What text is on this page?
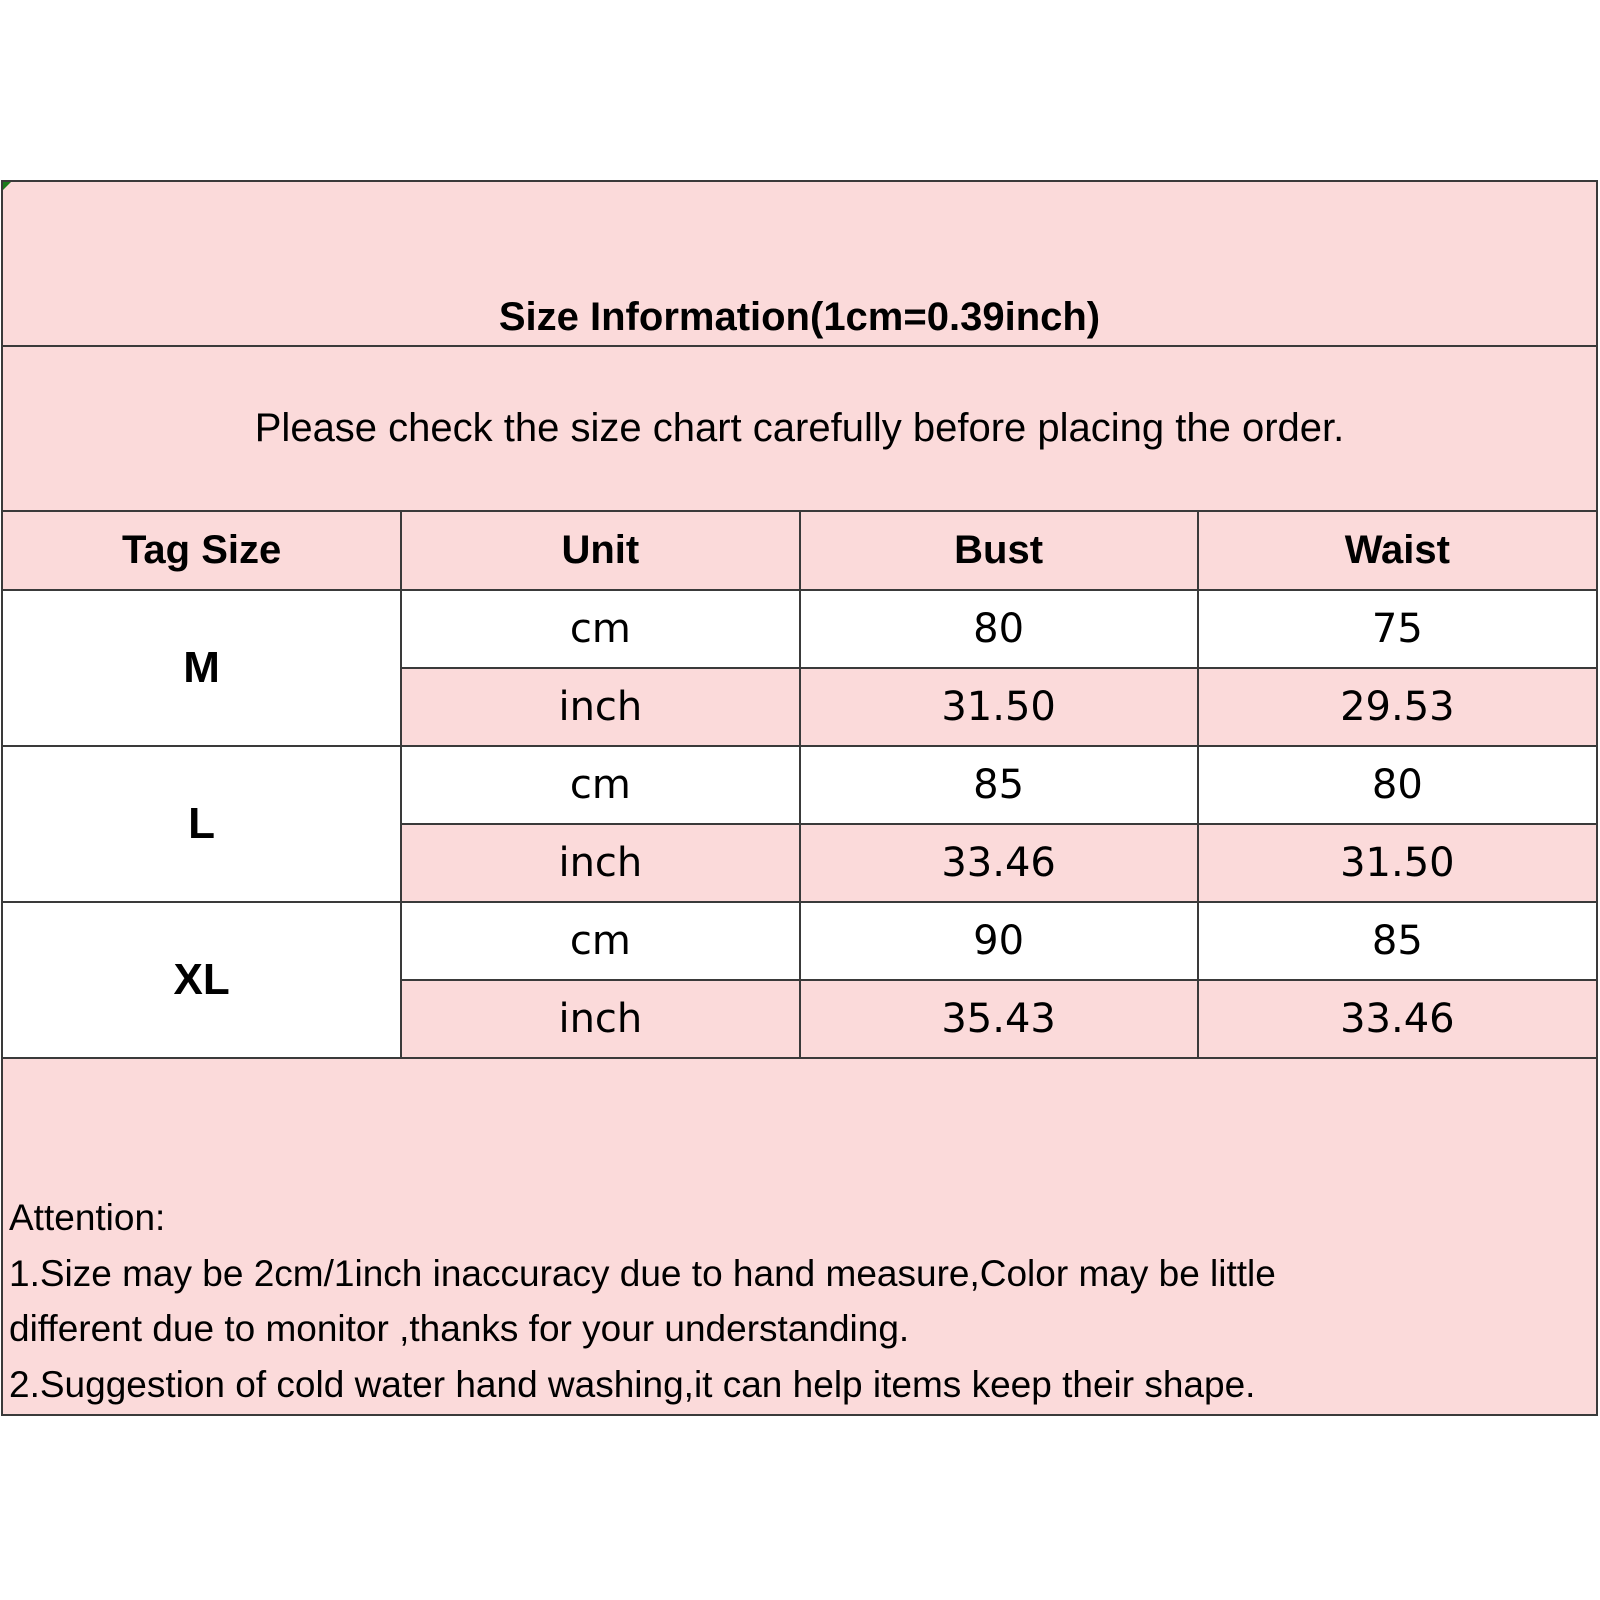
Size Information(1cm=0.39inch)
Please check the size chart carefully before placing the order.
Tag Size	Unit	Bust	Waist
M	cm	80	75
	inch	31.50	29.53
L	cm	85	80
	inch	33.46	31.50
XL	cm	90	85
	inch	35.43	33.46
Attention:
1.Size may be 2cm/1inch inaccuracy due to hand measure,Color may be little
different due to monitor ,thanks for your understanding.
2.Suggestion of cold water hand washing,it can help items keep their shape.
